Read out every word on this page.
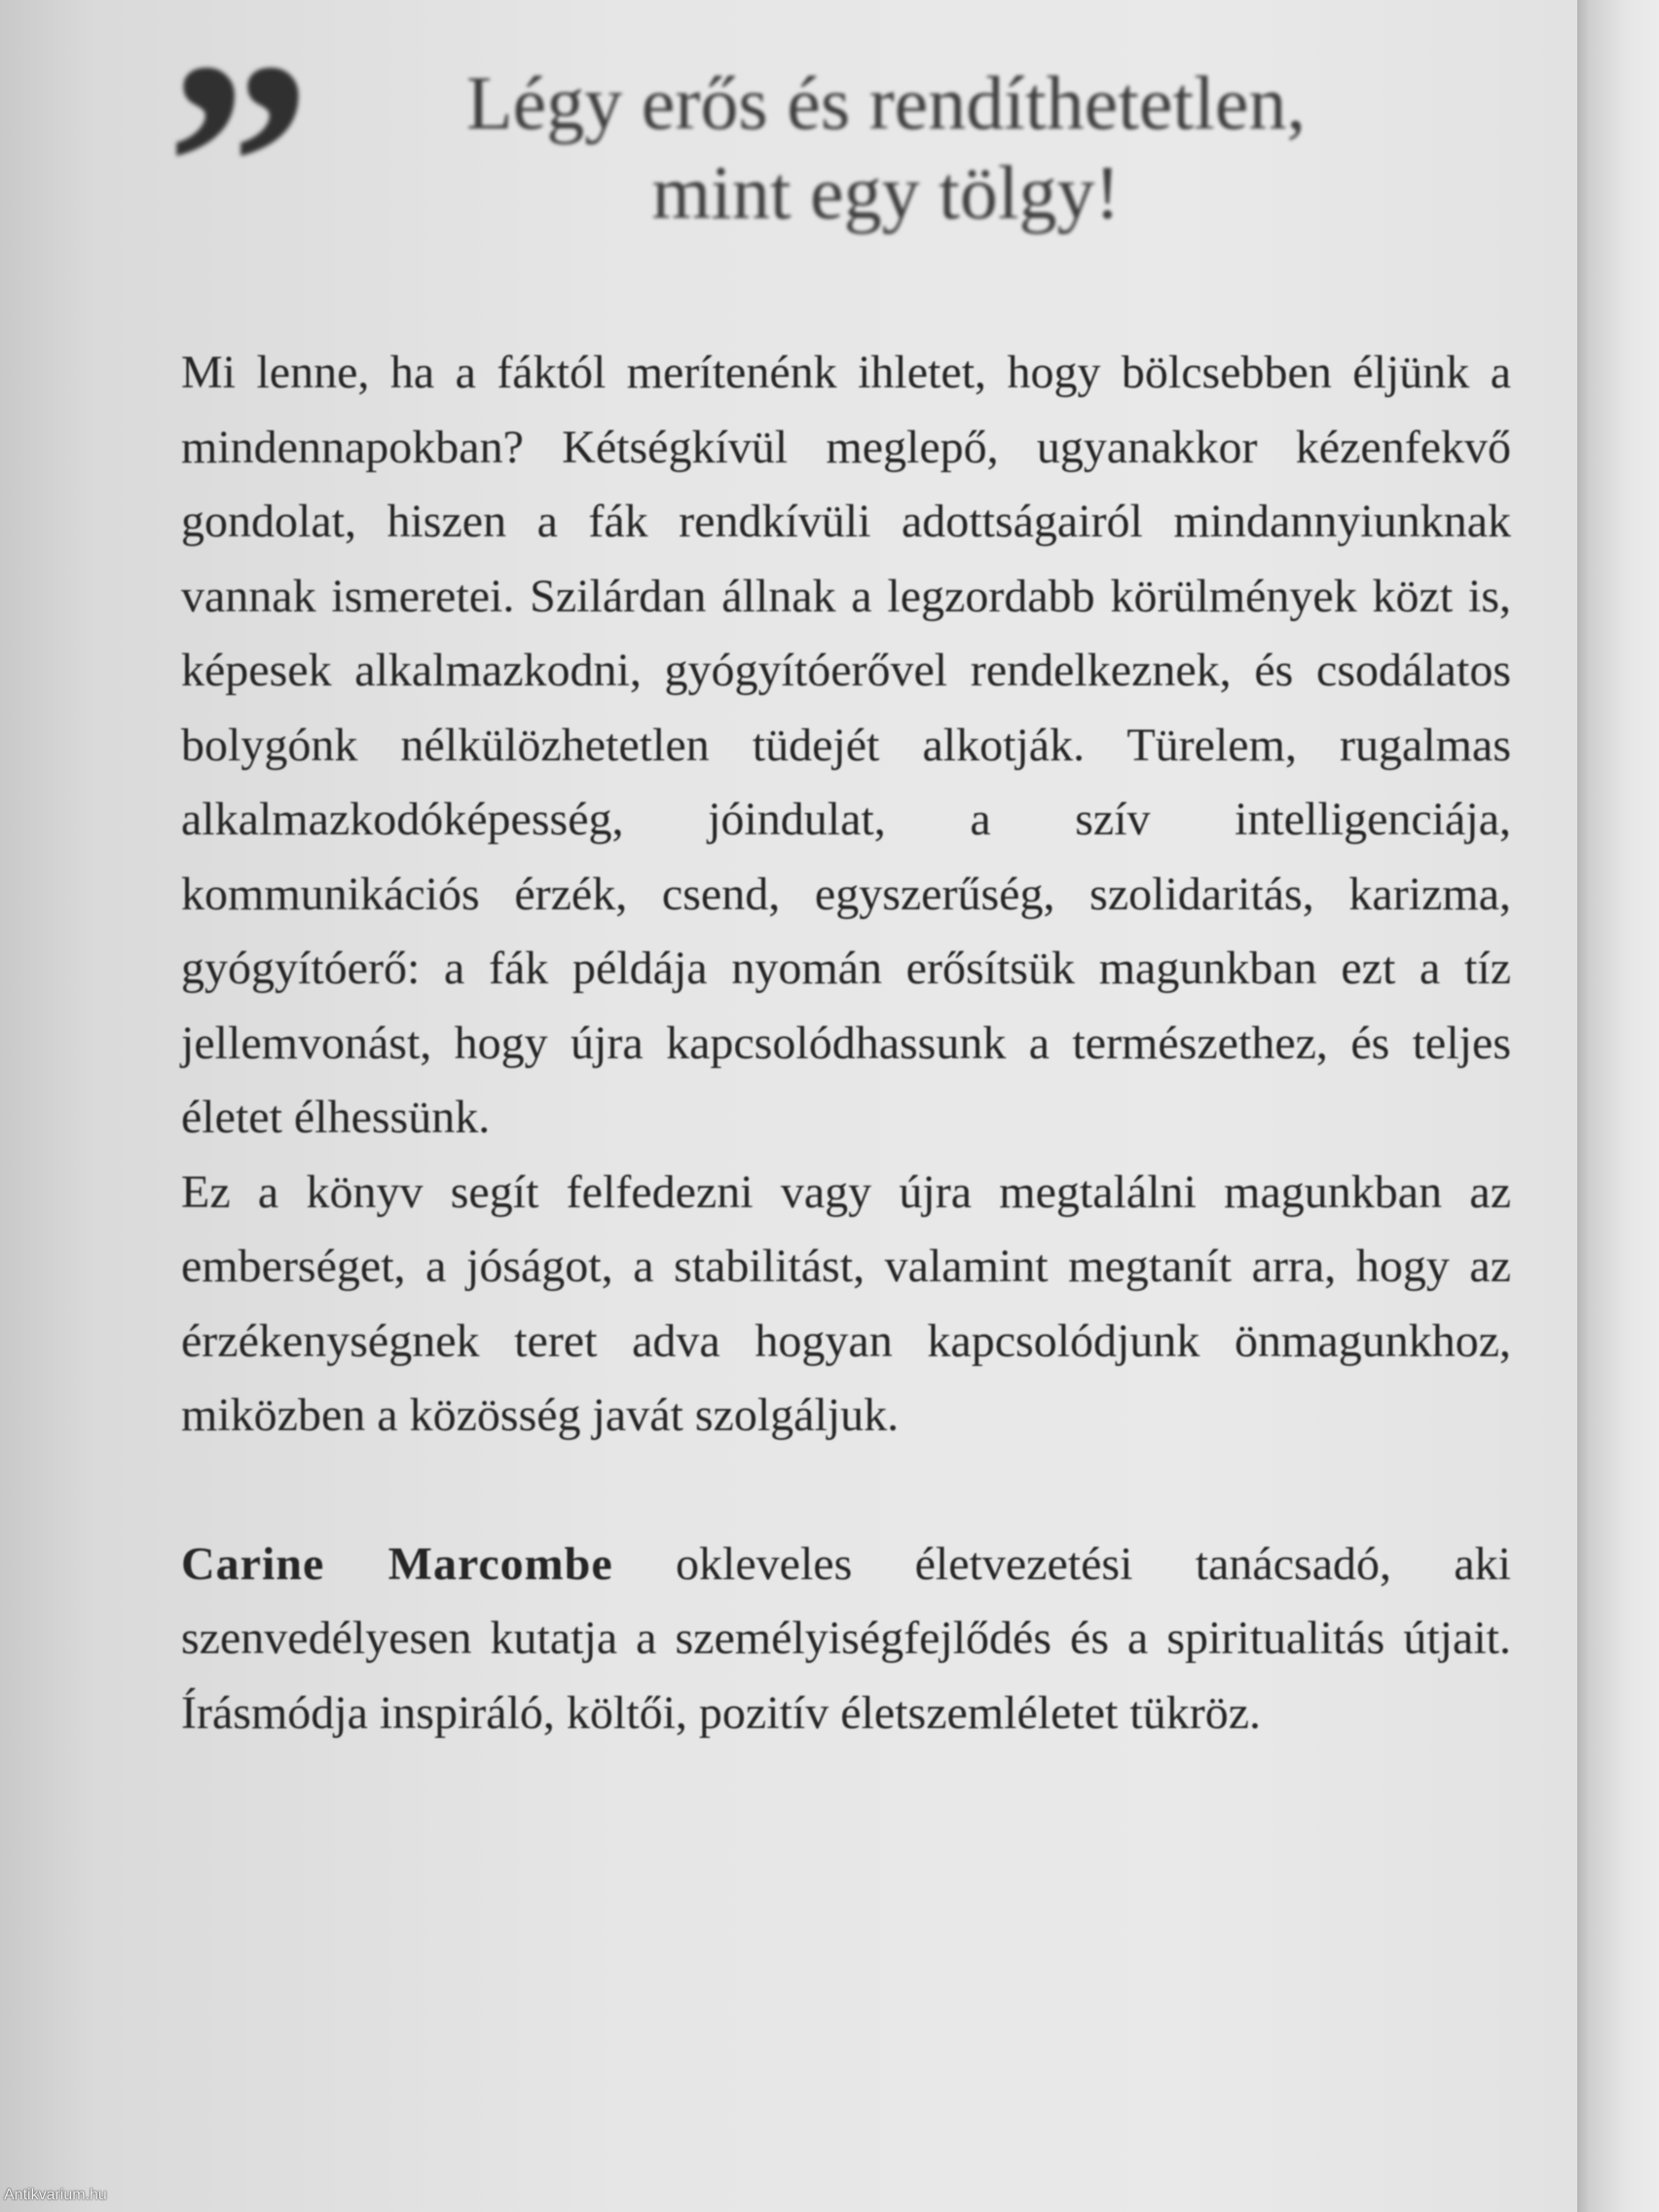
”	Légy erős és rendíthetetlen,
mint egy tölgy!

Mi lenne, ha a fáktól merítenénk ihletet, hogy bölcsebben éljünk a mindennapokban? Kétségkívül meglepő, ugyanakkor kézenfekvő gondolat, hiszen a fák rendkívüli adottságairól mindannyiunknak vannak ismeretei. Szilárdan állnak a legzordabb körülmények közt is, képesek alkalmazkodni, gyógyítóerővel rendelkeznek, és csodálatos bolygónk nélkülözhetetlen tüdejét alkotják. Türelem, rugalmas alkalmazkodóképesség, jóindulat, a szív intelligenciája, kommunikációs érzék, csend, egyszerűség, szolidaritás, karizma, gyógyítóerő: a fák példája nyomán erősítsük magunkban ezt a tíz jellemvonást, hogy újra kapcsolódhassunk a természethez, és teljes életet élhessünk.

Ez a könyv segít felfedezni vagy újra megtalálni magunkban az emberséget, a jóságot, a stabilitást, valamint megtanít arra, hogy az érzékenységnek teret adva hogyan kapcsolódjunk önmagunkhoz, miközben a közösség javát szolgáljuk.

Carine Marcombe okleveles életvezetési tanácsadó, aki szenvedélyesen kutatja a személyiségfejlődés és a spiritualitás útjait. Írásmódja inspiráló, költői, pozitív életszemléletet tükröz.

Antikvarium.hu
